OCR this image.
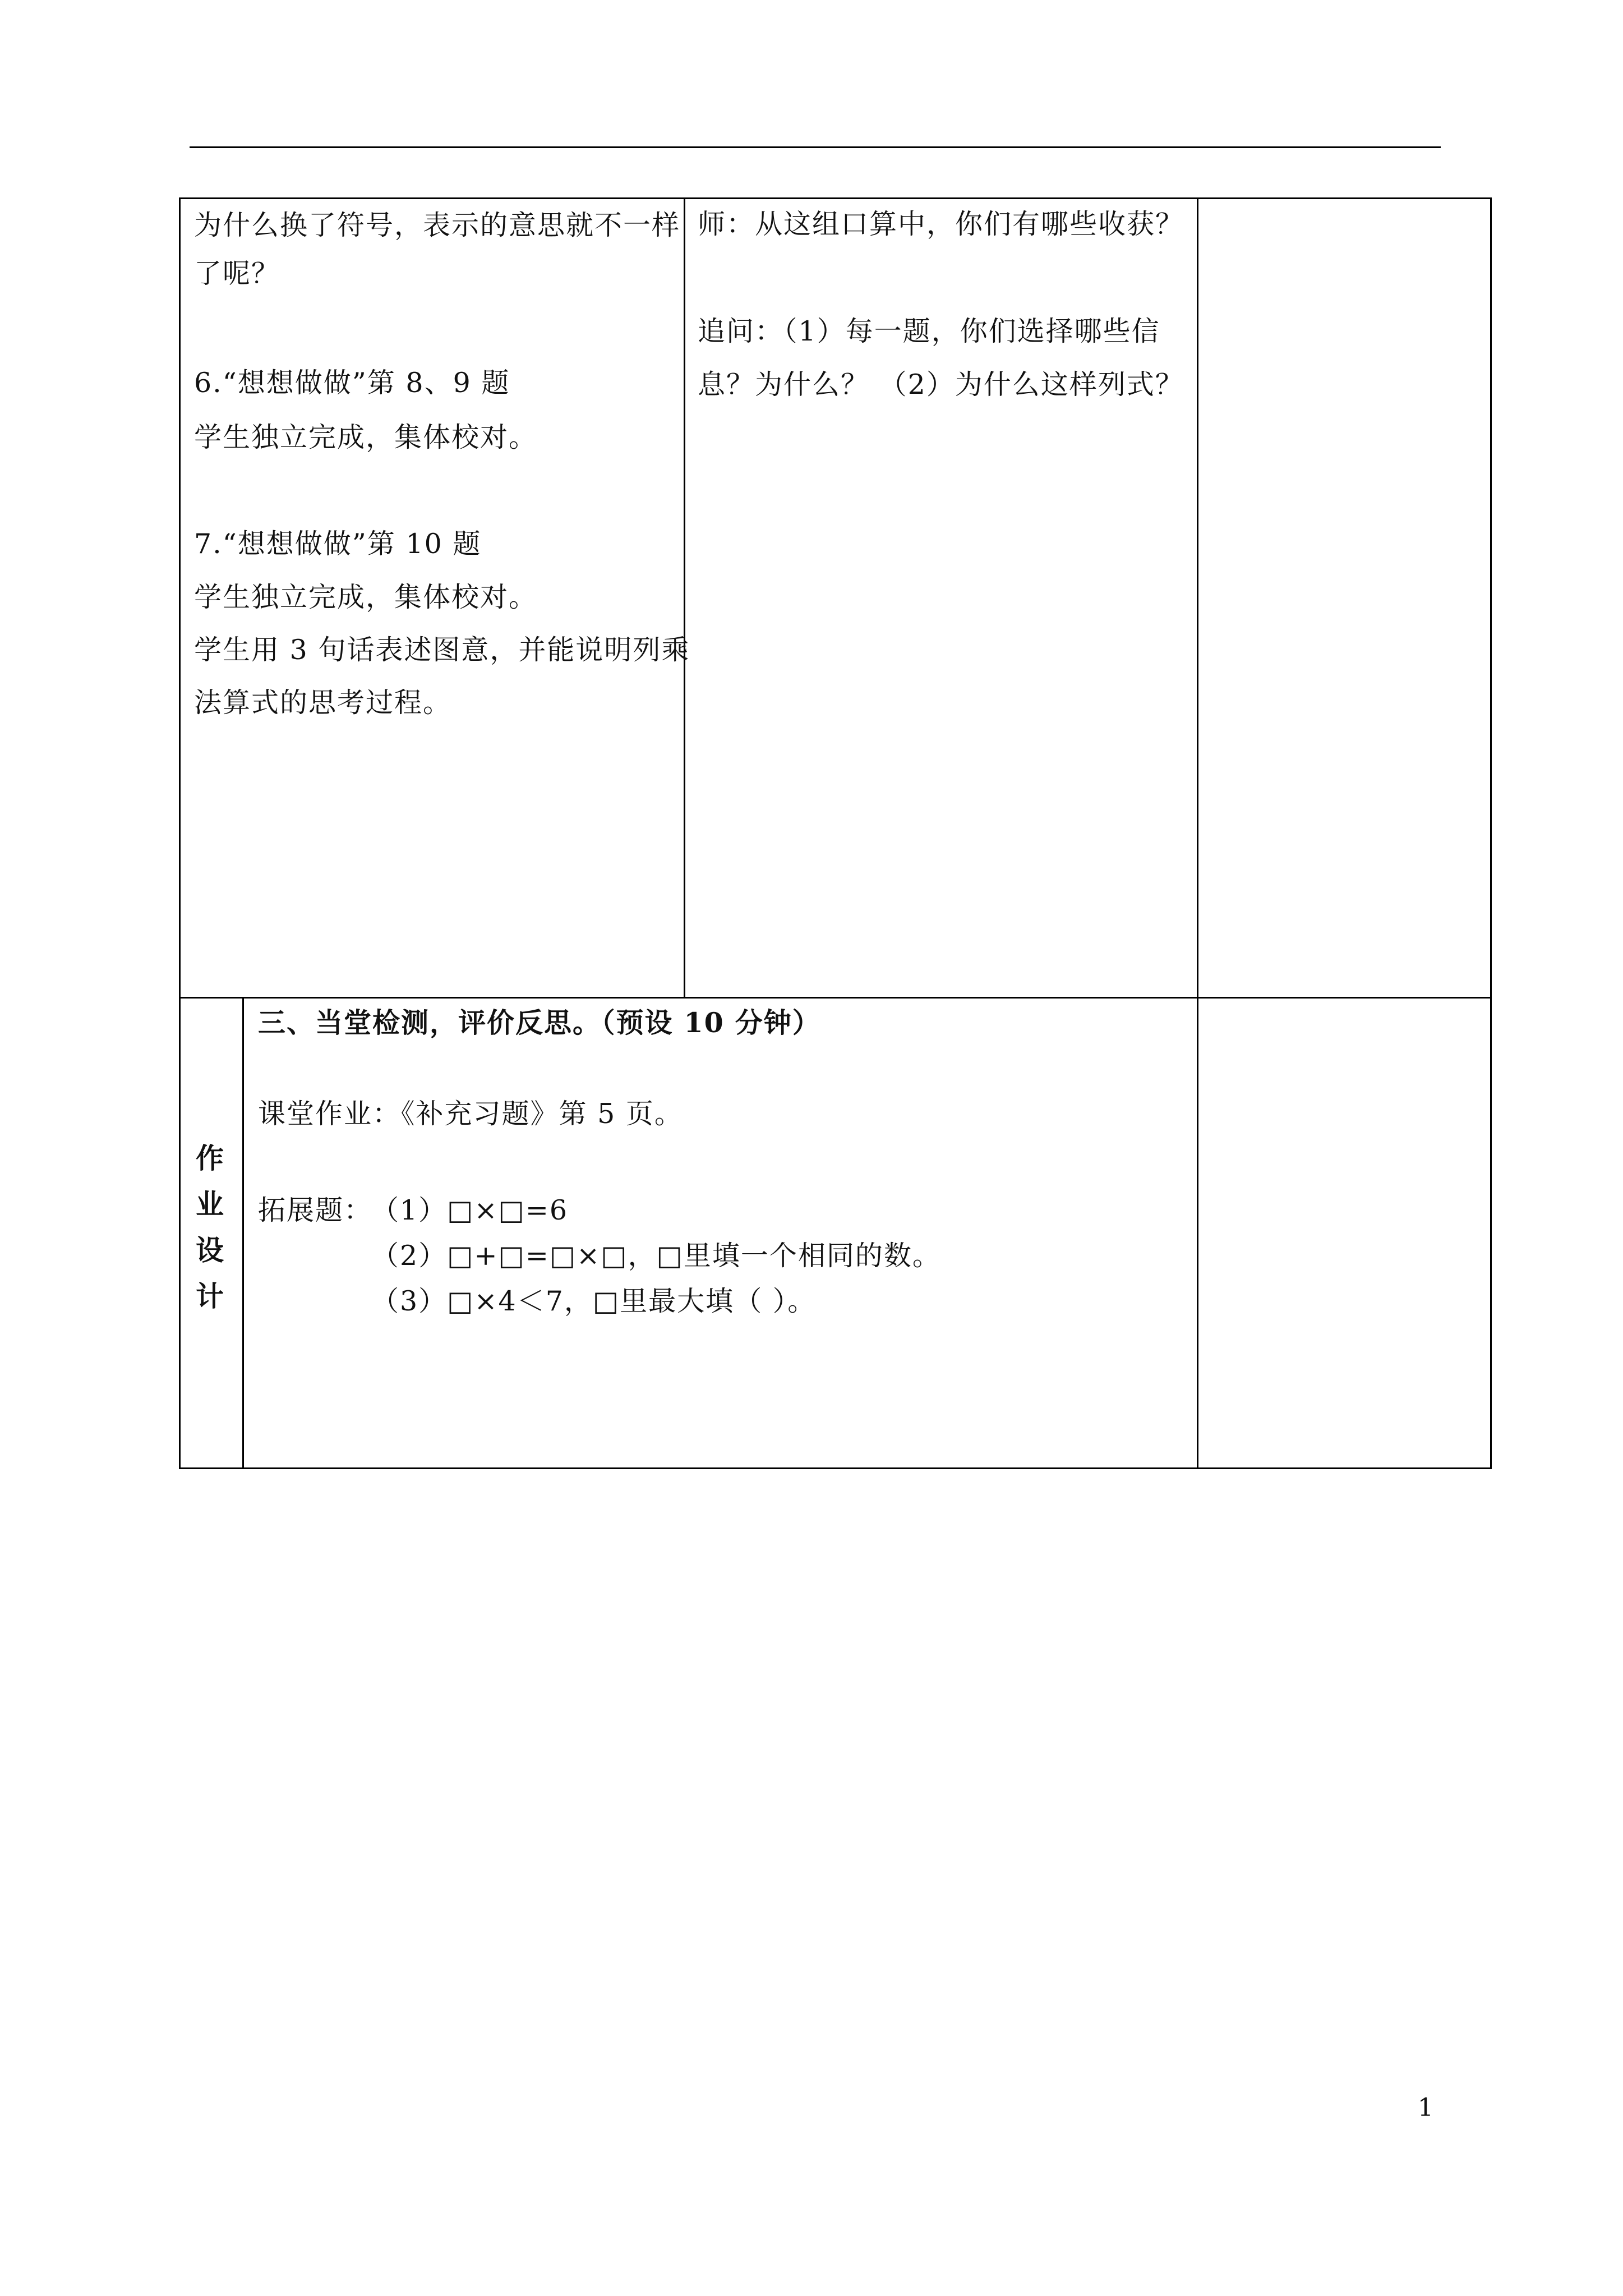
为什么换了符号，表示的意思就不一样
了呢？
6.“想想做做”第 8、9 题
学生独立完成，集体校对。
7.“想想做做”第 10 题
学生独立完成，集体校对。
学生用 3 句话表述图意，并能说明列乘
法算式的思考过程。
师：从这组口算中，你们有哪些收获？
追问：（1）每一题，你们选择哪些信
息？为什么？ （2）为什么这样列式？
作
业
设
计
三、当堂检测，评价反思。（预设 10 分钟）
课堂作业：《补充习题》第 5 页。
拓展题：
（1）□×□=6
（2）□+□=□×□，□里填一个相同的数。
（3）□×4＜7，□里最大填（ ）。
1
